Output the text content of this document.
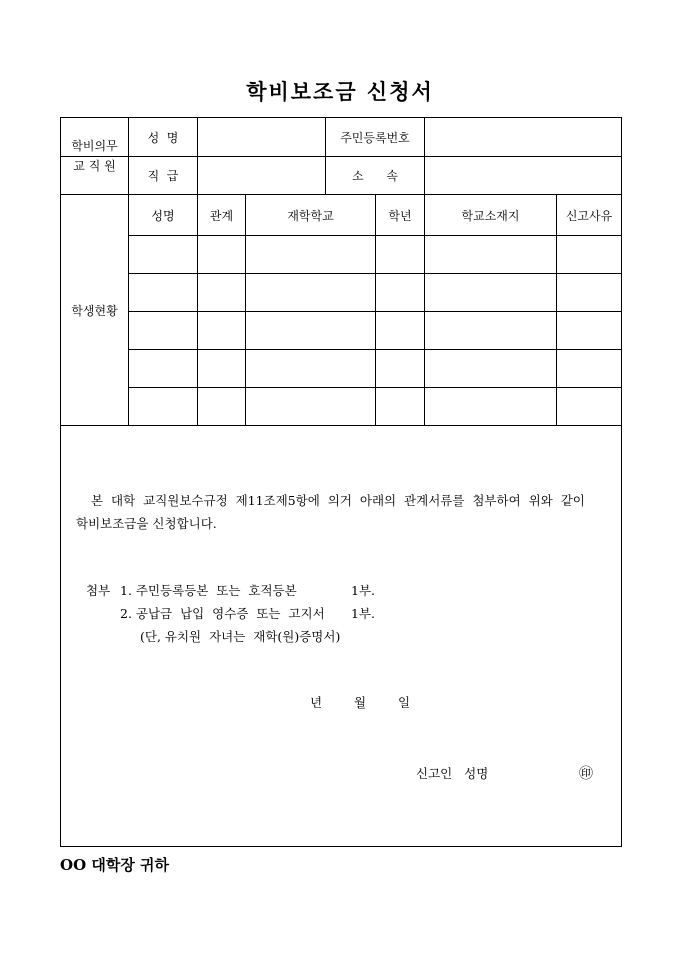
학비보조금 신청서
학비의무
교 직 원
성  명	주민등록번호
직  급	소      속
학생현황
성명	관계	재학학교	학년	학교소재지	신고사유
본  대학  교직원보수규정  제11조제5항에  의거  아래의  관계서류를  첨부하여  위와  같이
학비보조금을 신청합니다.
첨부 1. 주민등록등본  또는  호적등본	1부.
2. 공납금  납입  영수증  또는  고지서 1부.
(단, 유치원  자녀는  재학(원)증명서)
년	월	일
신고인   성명	㊞
OO 대학장 귀하
